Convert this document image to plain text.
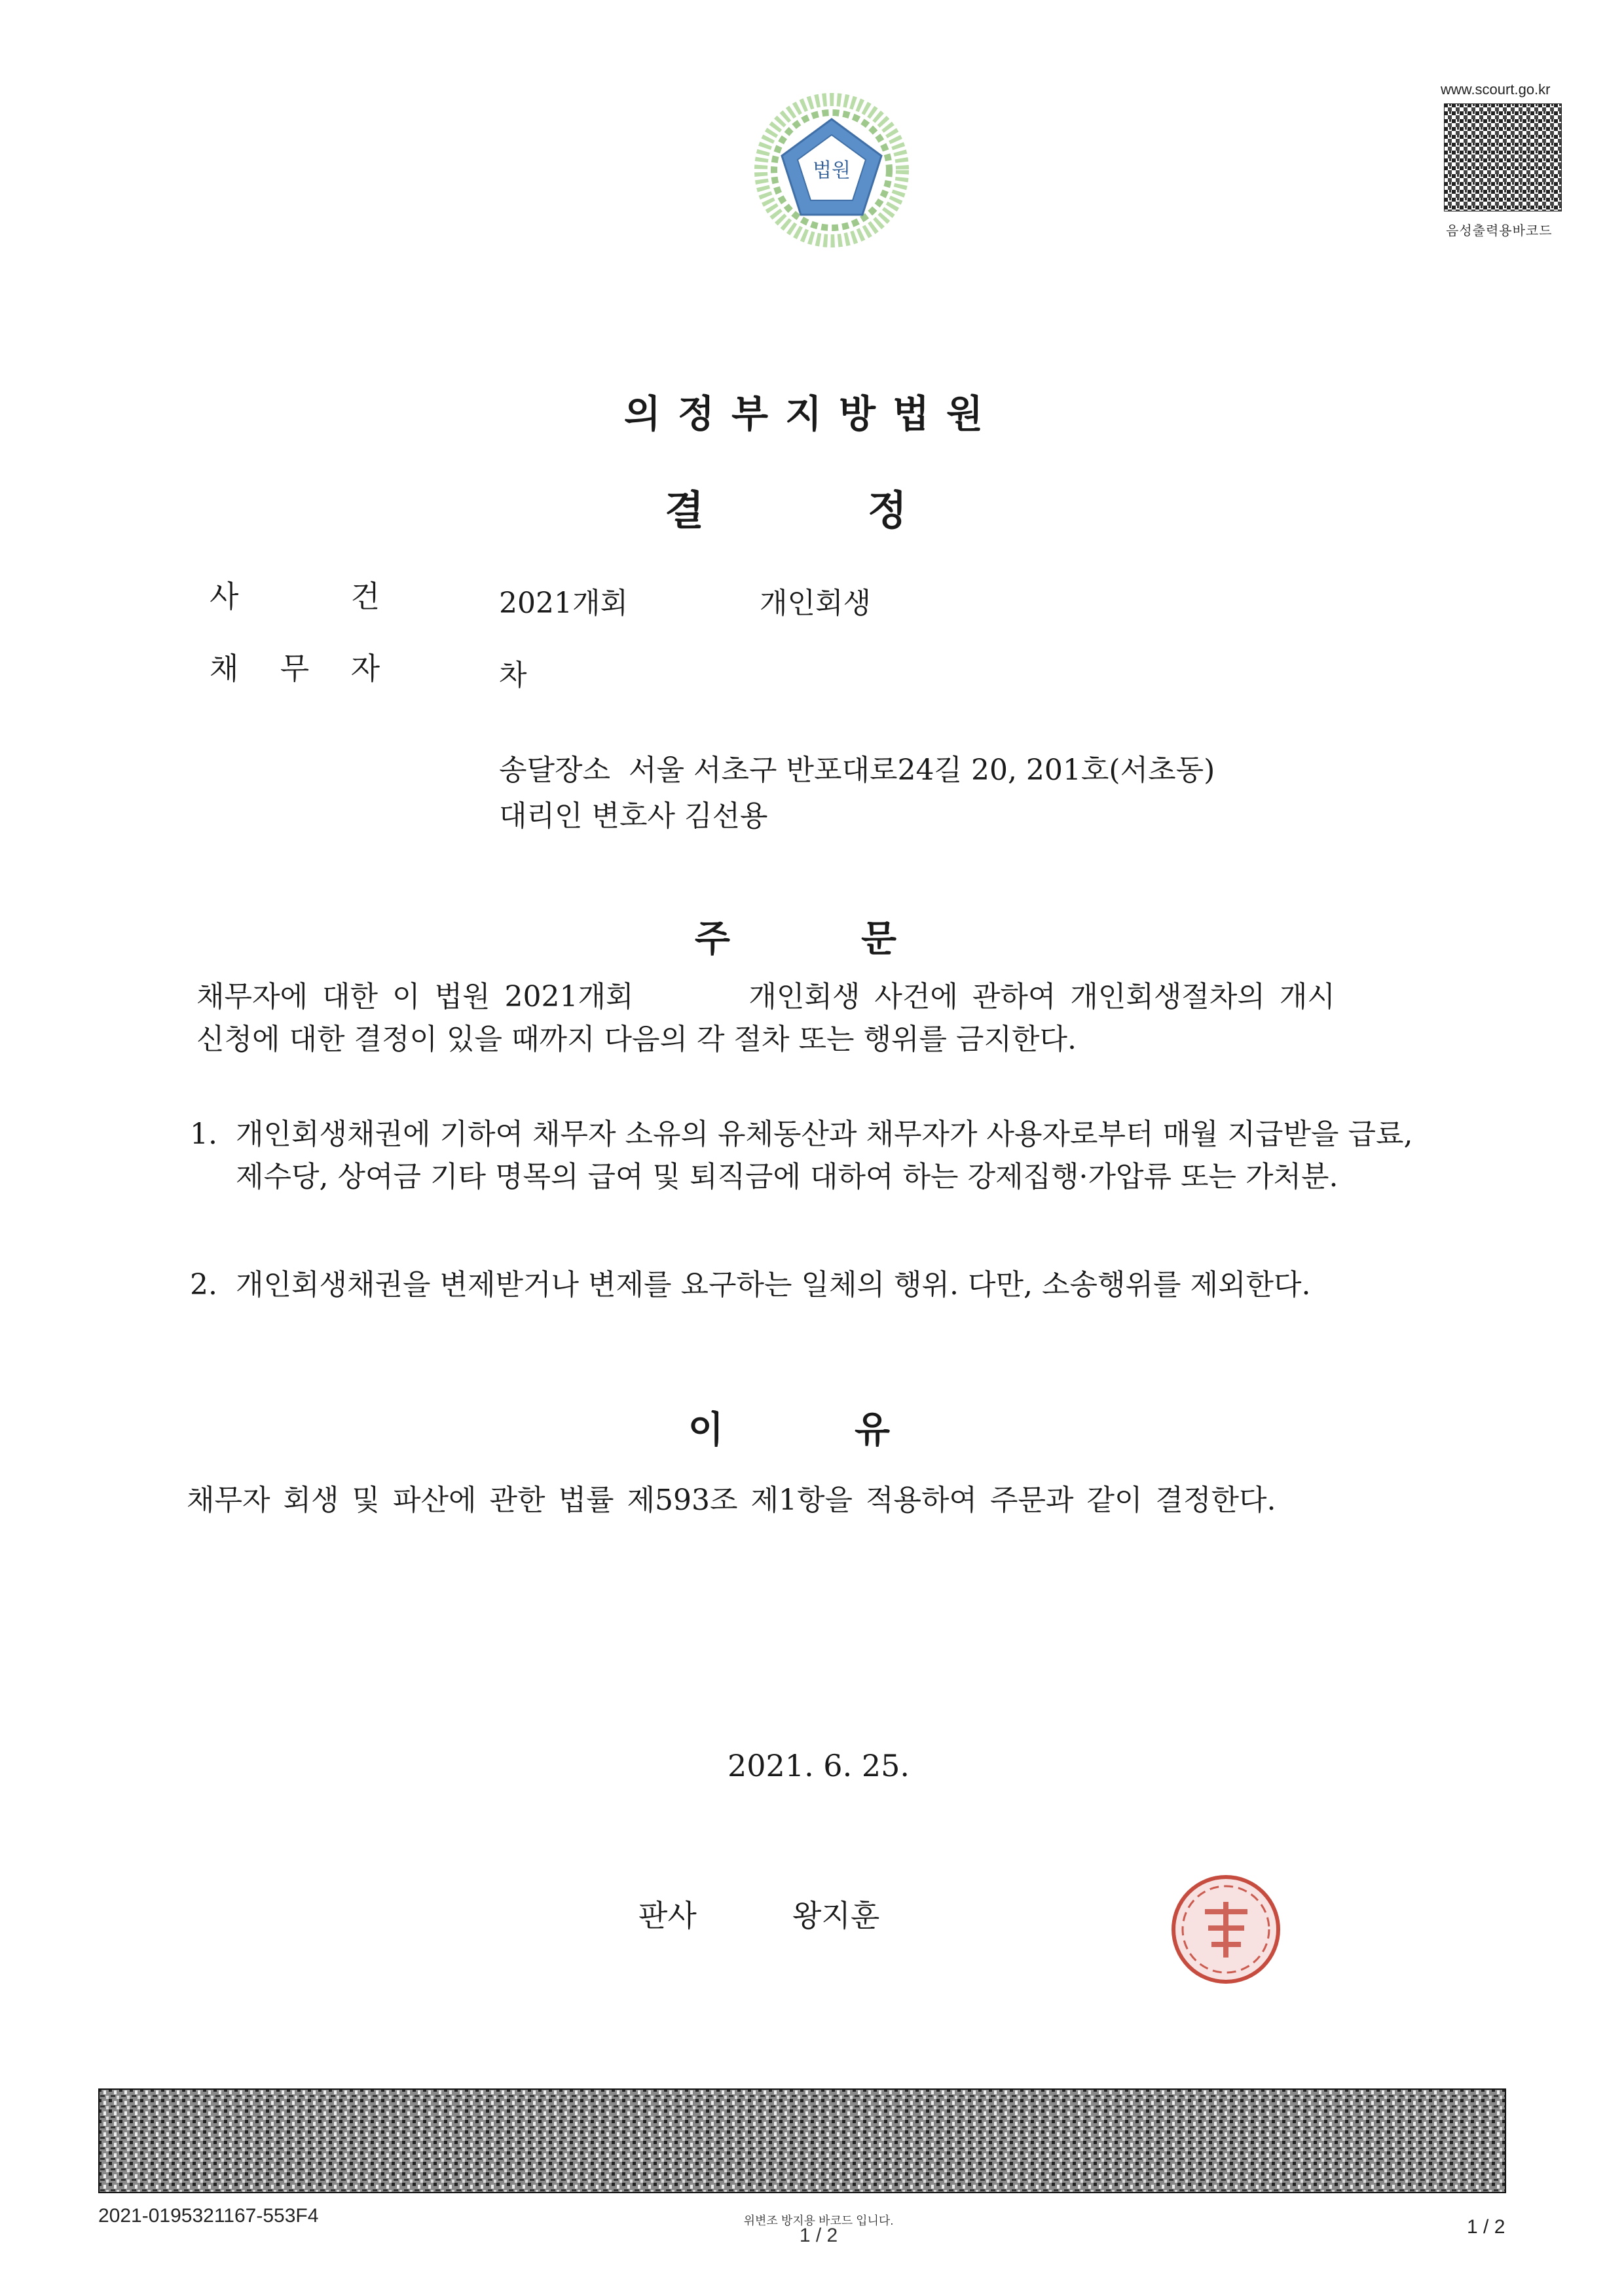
법원
www.scourt.go.kr
음성출력용바코드
의정부지방법원
결정
사	건	2021개회	개인회생
채 무 자	차
송달장소  서울 서초구 반포대로24길 20, 201호(서초동)
대리인 변호사 김선용
주문
채무자에 대한 이 법원 2021개회        개인회생 사건에 관하여 개인회생절차의 개시
신청에 대한 결정이 있을 때까지 다음의 각 절차 또는 행위를 금지한다.
1. 개인회생채권에 기하여 채무자 소유의 유체동산과 채무자가 사용자로부터 매월 지급받을 급료, 제수당, 상여금 기타 명목의 급여 및 퇴직금에 대하여 하는 강제집행·가압류 또는 가처분.
2. 개인회생채권을 변제받거나 변제를 요구하는 일체의 행위. 다만, 소송행위를 제외한다.
이유
채무자 회생 및 파산에 관한 법률 제593조 제1항을 적용하여 주문과 같이 결정한다.
2021. 6. 25.
판사	왕지훈
2021-0195321167-553F4	위변조 방지용 바코드 입니다.
1 / 2	1 / 2
